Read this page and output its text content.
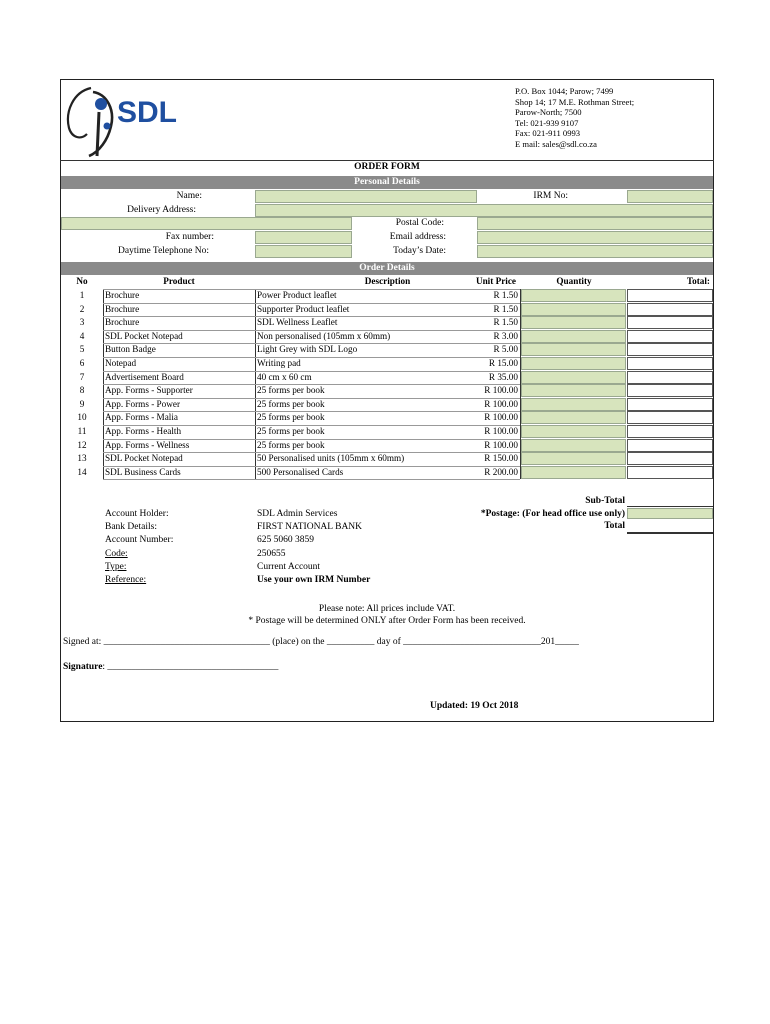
SDL
P.O. Box 1044; Parow; 7499
Shop 14; 17 M.E. Rothman Street;
Parow-North; 7500
Tel: 021-939 9107
Fax: 021-911 0993
E mail: sales@sdl.co.za
ORDER FORM
Personal Details
Name:	IRM No:
Delivery Address:
Postal Code:
Fax number:	Email address:
Daytime Telephone No:	Today’s Date:
Order Details
No	Product	Description	Unit Price	Quantity	Total:
1	Brochure	Power Product leaflet	R 1.50
2	Brochure	Supporter Product leaflet	R 1.50
3	Brochure	SDL Wellness Leaflet	R 1.50
4	SDL Pocket Notepad	Non personalised (105mm x 60mm)	R 3.00
5	Button Badge	Light Grey with SDL Logo	R 5.00
6	Notepad	Writing pad	R 15.00
7	Advertisement Board	40 cm x 60 cm	R 35.00
8	App. Forms - Supporter	25 forms per book	R 100.00
9	App. Forms - Power	25 forms per book	R 100.00
10	App. Forms - Malia	25 forms per book	R 100.00
11	App. Forms - Health	25 forms per book	R 100.00
12	App. Forms - Wellness	25 forms per book	R 100.00
13	SDL Pocket Notepad	50 Personalised units (105mm x 60mm)	R 150.00
14	SDL Business Cards	500 Personalised Cards	R 200.00
Sub-Total
*Postage: (For head office use only)
Total
Account Holder:	SDL Admin Services
Bank Details:	FIRST NATIONAL BANK
Account Number:	625 5060 3859
Code:	250655
Type:	Current Account
Reference:	Use your own IRM Number
Please note: All prices include VAT.
* Postage will be determined ONLY after Order Form has been received.
Signed at: ___________________________________ (place) on the __________ day of _____________________________201_____
Signature: ____________________________________
Updated: 19 Oct 2018
